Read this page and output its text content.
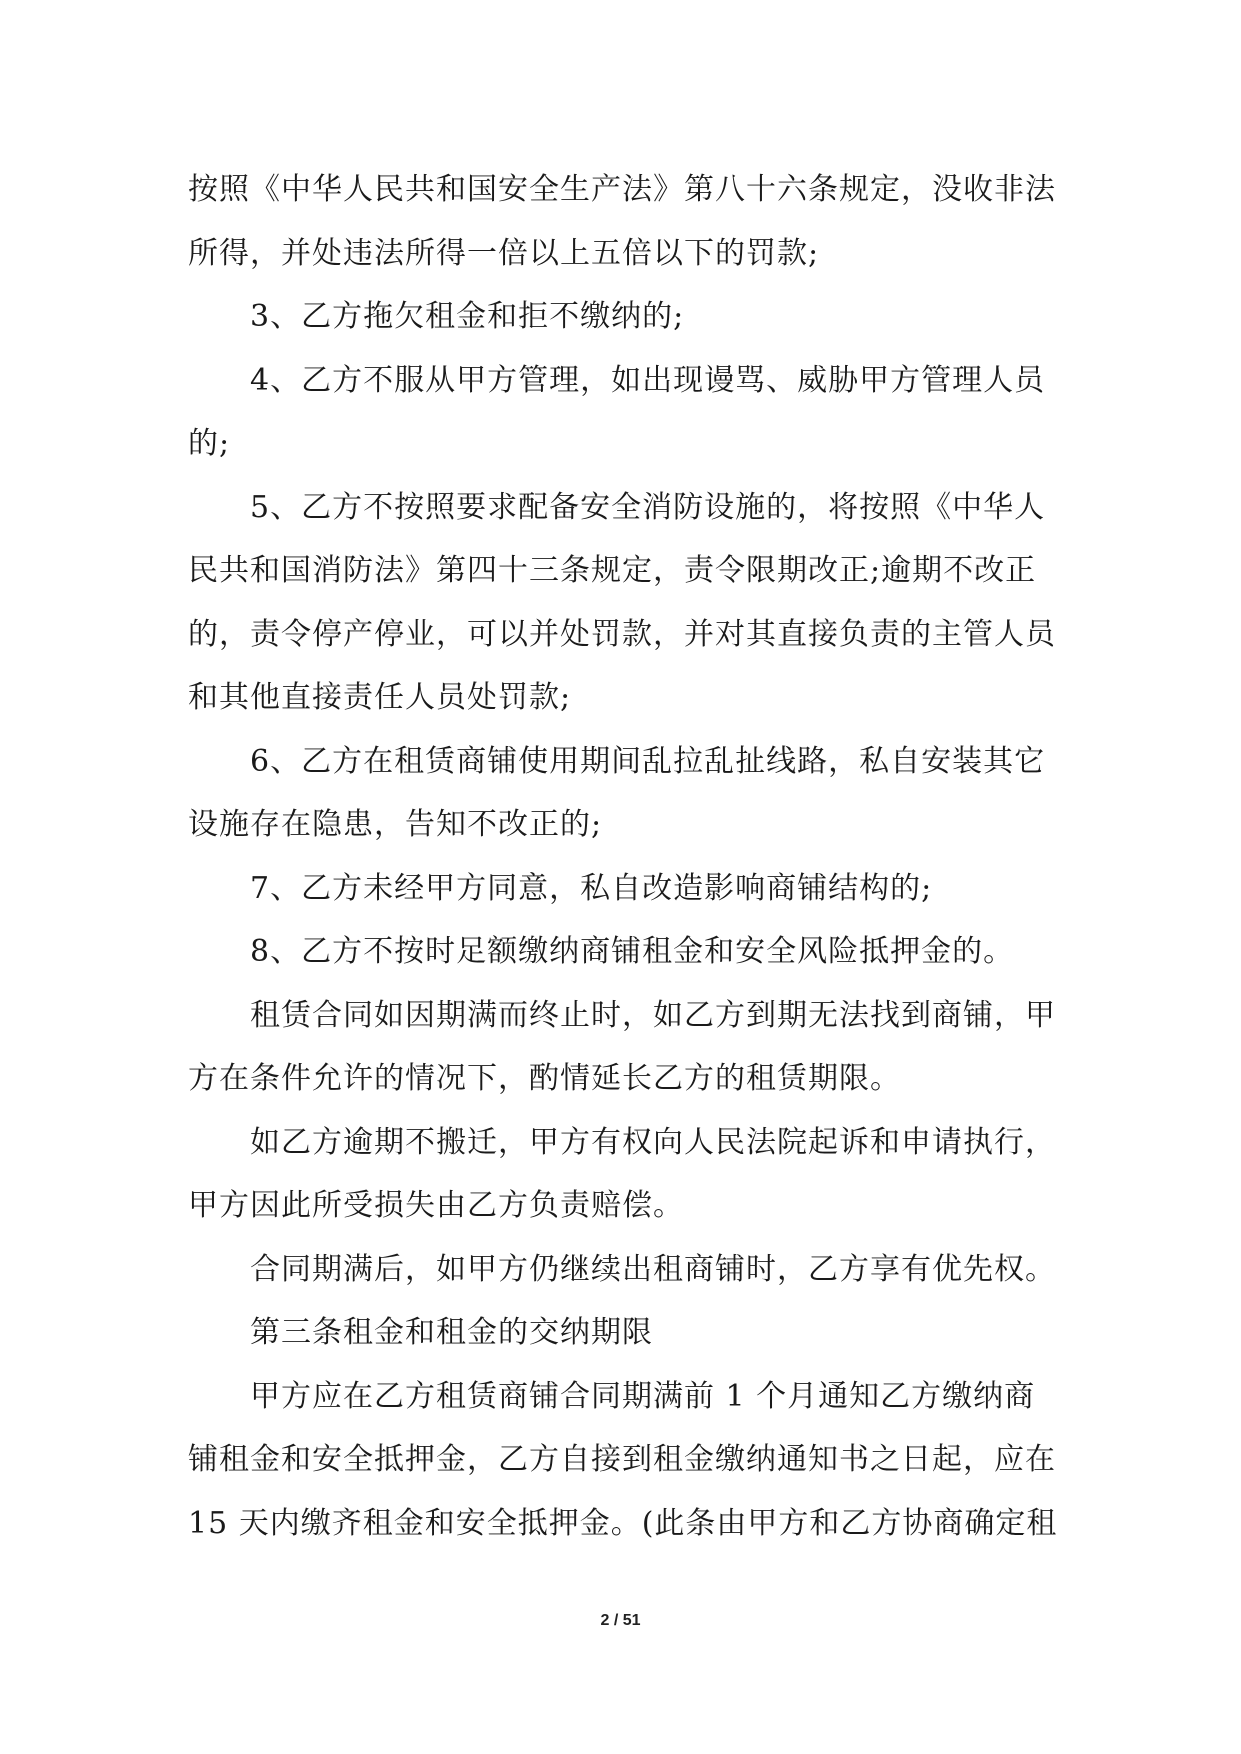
按照《中华人民共和国安全生产法》第八十六条规定，没收非法
所得，并处违法所得一倍以上五倍以下的罚款;
3、乙方拖欠租金和拒不缴纳的;
4、乙方不服从甲方管理，如出现谩骂、威胁甲方管理人员
的;
5、乙方不按照要求配备安全消防设施的，将按照《中华人
民共和国消防法》第四十三条规定，责令限期改正;逾期不改正
的，责令停产停业，可以并处罚款，并对其直接负责的主管人员
和其他直接责任人员处罚款;
6、乙方在租赁商铺使用期间乱拉乱扯线路，私自安装其它
设施存在隐患，告知不改正的;
7、乙方未经甲方同意，私自改造影响商铺结构的;
8、乙方不按时足额缴纳商铺租金和安全风险抵押金的。
租赁合同如因期满而终止时，如乙方到期无法找到商铺，甲
方在条件允许的情况下，酌情延长乙方的租赁期限。
如乙方逾期不搬迁，甲方有权向人民法院起诉和申请执行，
甲方因此所受损失由乙方负责赔偿。
合同期满后，如甲方仍继续出租商铺时，乙方享有优先权。
第三条租金和租金的交纳期限
甲方应在乙方租赁商铺合同期满前 1 个月通知乙方缴纳商
铺租金和安全抵押金，乙方自接到租金缴纳通知书之日起，应在
15 天内缴齐租金和安全抵押金。(此条由甲方和乙方协商确定租
2 / 51
